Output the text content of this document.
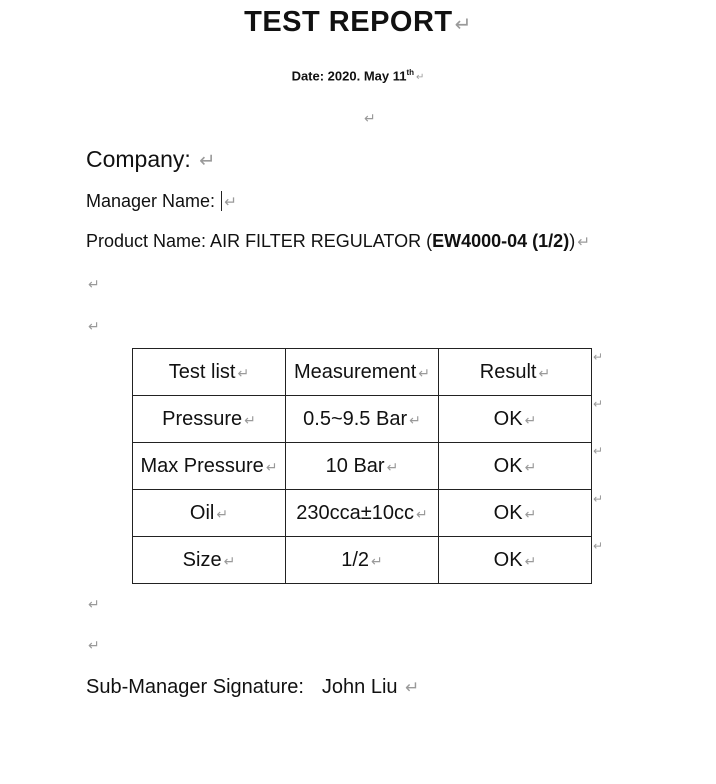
TEST REPORT ↵
Date: 2020. May 11th ↵
↵
Company: ↵
Manager Name: ↵
Product Name: AIR FILTER REGULATOR (EW4000-04 (1/2)) ↵
↵
↵
Test list ↵	Measurement ↵	Result ↵
Pressure ↵	0.5~9.5 Bar ↵	OK ↵
Max Pressure ↵	10 Bar ↵	OK ↵
Oil ↵	230cca±10cc ↵	OK ↵
Size ↵	1/2 ↵	OK ↵
↵
↵
↵
↵
↵
↵
↵
Sub-Manager Signature: John Liu ↵
